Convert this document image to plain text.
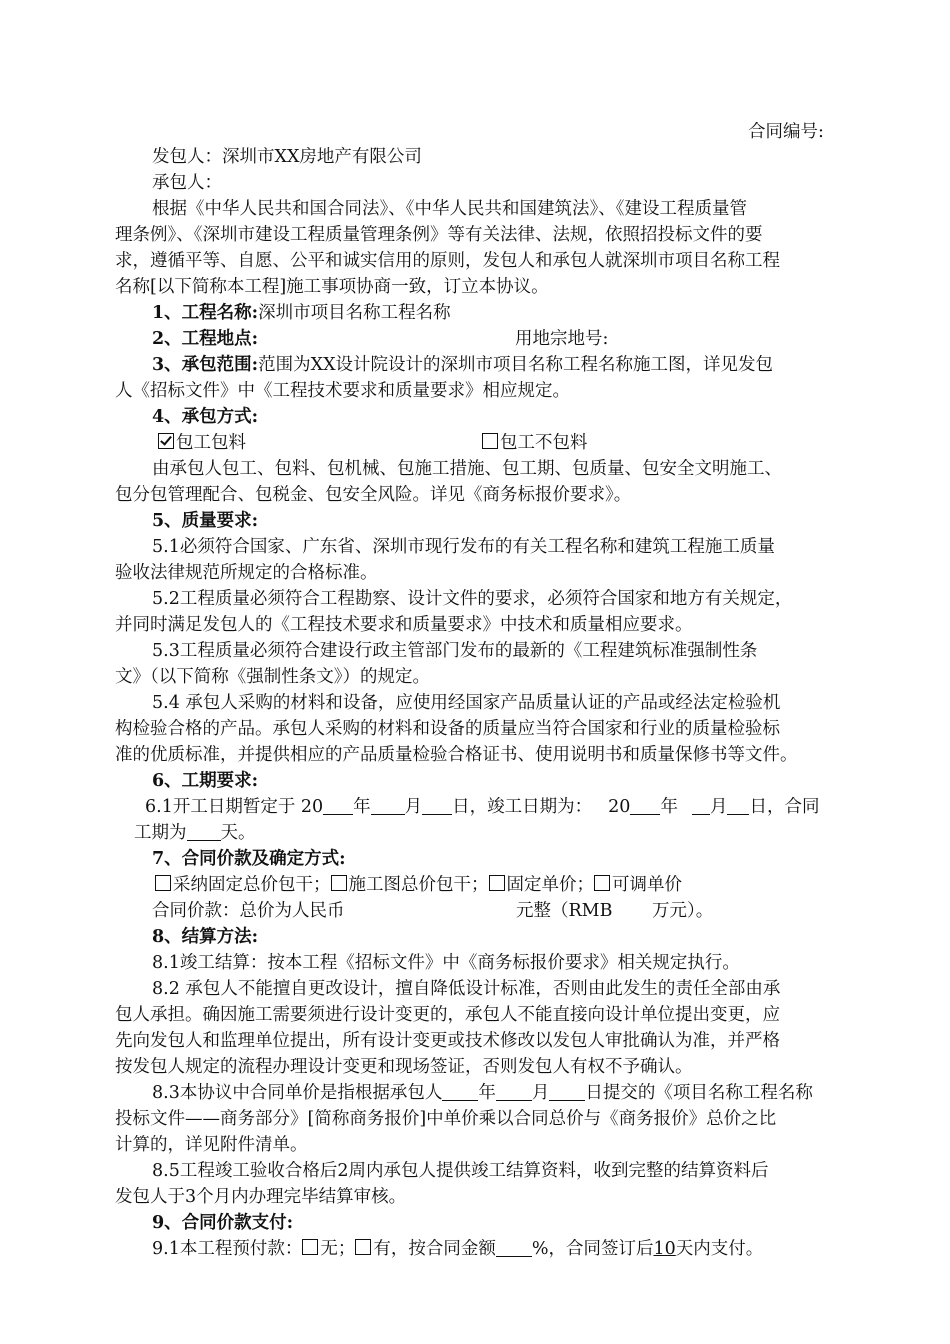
合同编号:
发包人：深圳市XX房地产有限公司
承包人：
根据《中华人民共和国合同法》、《中华人民共和国建筑法》、《建设工程质量管
理条例》、《深圳市建设工程质量管理条例》等有关法律、法规，依照招投标文件的要
求，遵循平等、自愿、公平和诚实信用的原则，发包人和承包人就深圳市项目名称工程
名称[以下简称本工程]施工事项协商一致，订立本协议。
1、工程名称:深圳市项目名称工程名称
2、工程地点:	用地宗地号:
3、承包范围:范围为XX设计院设计的深圳市项目名称工程名称施工图，详见发包
人《招标文件》中《工程技术要求和质量要求》相应规定。
4、承包方式:
包工包料	包工不包料
由承包人包工、包料、包机械、包施工措施、包工期、包质量、包安全文明施工、
包分包管理配合、包税金、包安全风险。详见《商务标报价要求》。
5、质量要求:
5.1必须符合国家、广东省、深圳市现行发布的有关工程名称和建筑工程施工质量
验收法律规范所规定的合格标准。
5.2工程质量必须符合工程勘察、设计文件的要求，必须符合国家和地方有关规定，
并同时满足发包人的《工程技术要求和质量要求》中技术和质量相应要求。
5.3工程质量必须符合建设行政主管部门发布的最新的《工程建筑标准强制性条
文》（以下简称《强制性条文》）的规定。
5.4 承包人采购的材料和设备，应使用经国家产品质量认证的产品或经法定检验机
构检验合格的产品。承包人采购的材料和设备的质量应当符合国家和行业的质量检验标
准的优质标准，并提供相应的产品质量检验合格证书、使用说明书和质量保修书等文件。
6、工期要求:
6.1开工日期暂定于 20 年 月 日，竣工日期为： 20 年 月 日，合同
工期为 天。
7、合同价款及确定方式:
采纳固定总价包干； 施工图总价包干； 固定单价； 可调单价
合同价款：总价为人民币	元整（RMB 万元）。
8、结算方法:
8.1竣工结算：按本工程《招标文件》中《商务标报价要求》相关规定执行。
8.2 承包人不能擅自更改设计，擅自降低设计标准，否则由此发生的责任全部由承
包人承担。确因施工需要须进行设计变更的，承包人不能直接向设计单位提出变更，应
先向发包人和监理单位提出，所有设计变更或技术修改以发包人审批确认为准，并严格
按发包人规定的流程办理设计变更和现场签证，否则发包人有权不予确认。
8.3本协议中合同单价是指根据承包人 年 月 日提交的《项目名称工程名称
投标文件——商务部分》[简称商务报价]中单价乘以合同总价与《商务报价》总价之比
计算的，详见附件清单。
8.5工程竣工验收合格后2周内承包人提供竣工结算资料，收到完整的结算资料后
发包人于3个月内办理完毕结算审核。
9、合同价款支付:
9.1本工程预付款： 无； 有，按合同金额 %，合同签订后10天内支付。
